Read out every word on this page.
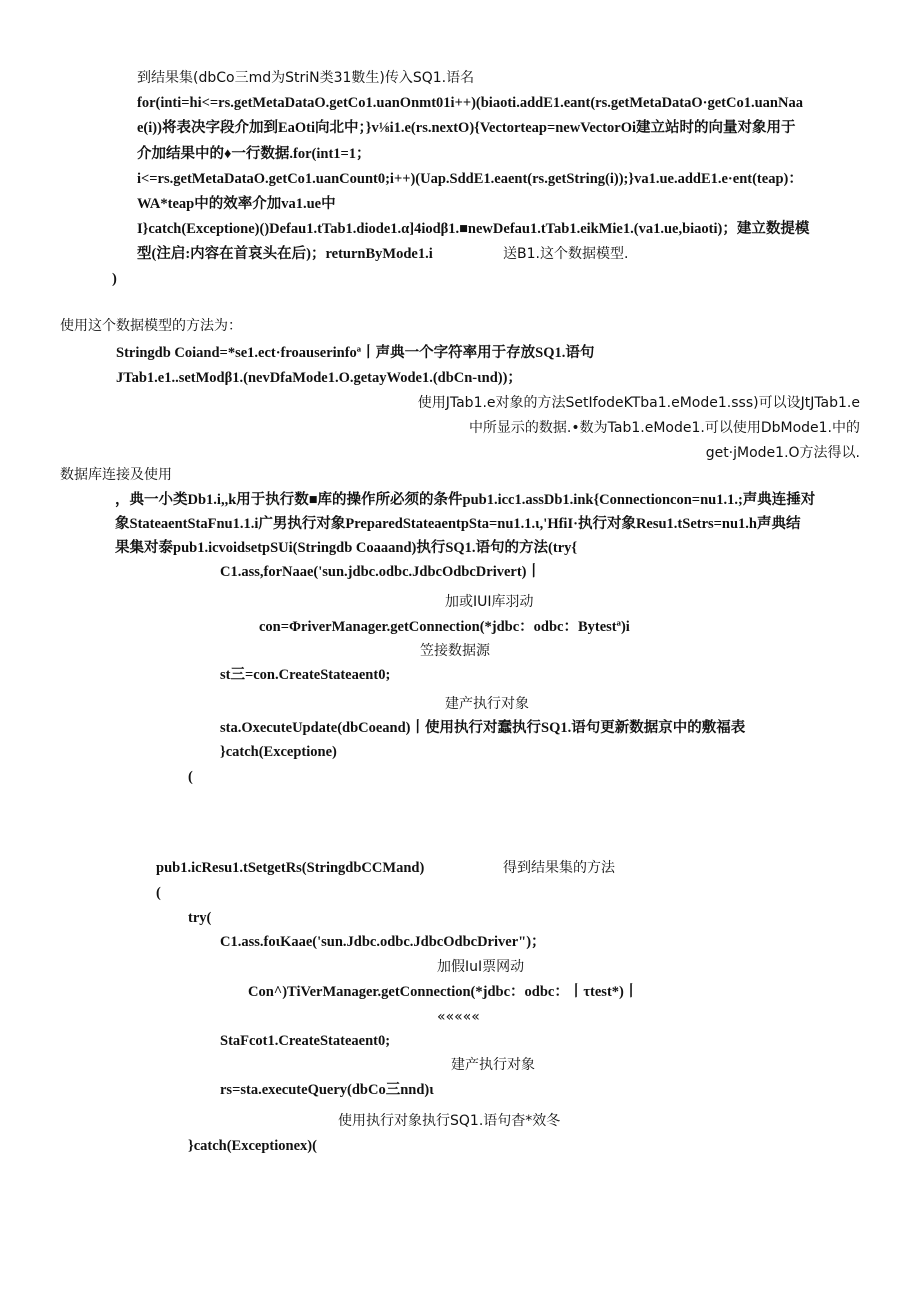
到结果集(dbCo三md为StriN类31數生)传入SQ1.语名
for(inti=hi<=rs.getMetaDataO.getCo1.uanOnmt01i++)(biaoti.addE1.eant(rs.getMetaDataO·getCo1.uanNaa
e(i))将表决字段介加到EaOti向北中；}v⅛i1.e(rs.nextO){Vectorteap=newVectorOi建立站时的向量对象用于
介加结果中的♦一行数据.for(int1=1；
i<=rs.getMetaDataO.getCo1.uanCount0;i++)(Uap.SddE1.eaent(rs.getString(i));}va1.ue.addE1.e·ent(teap)：
WA*teap中的效率介加va1.ue中
I}catch(Exceptione)()Defau1.tTab1.diode1.α]4iodβ1.■newDefau1.tTab1.eikMie1.(va1.ue,biaoti)；建立数提模
型(注启:内容在首哀头在后)；returnByMode1.i	送B1.这个数据模型.
)
使用这个数据模型的方法为：
Stringdb Coiand=*se1.ect·froauserinfoª丨声典一个字符率用于存放SQ1.语句
JTab1.e1..setModβ1.(nevDfaMode1.O.getayWode1.(dbCn-ιnd))；
使用JTab1.e对象的方法SetIfodeKTba1.eMode1.sss)可以设JtJTab1.e
中所显示的数据.•数为Tab1.eMode1.可以使用DbMode1.中的
get·jMode1.O方法得以.
数据库连接及使用
，典一小类Db1.i,,k用于执行数■库的操作所必须的条件pub1.icc1.assDb1.ink{Connectioncon=nu1.1.;声典连捶对
象StateaentStaFnu1.1.i广男执行对象PreparedStateaentpSta=nu1.1.ι,'HfiI·执行对象Resu1.tSetrs=nu1.h声典结
果集对泰pub1.icvoidsetpSUi(Stringdb Coaaand)执行SQ1.语句的方法(try{
C1.ass,forNaae('sun.jdbc.odbc.JdbcOdbcDrivert)丨
加或IUI库羽动
con=ΦriverManager.getConnection(*jdbc：odbc：Bytestª)i
笠接数据源
st三=con.CreateStateaent0;
建产执行对象
sta.OxecuteUpdate(dbCoeand)丨使用执行对蠢执行SQ1.语句更新数据京中的敷福表
}catch(Exceptione)
(
pub1.icResu1.tSetgetRs(StringdbCCMand)	得到结果集的方法
(
try(
C1.ass.foιKaae('sun.Jdbc.odbc.JdbcOdbcDriver")；
加假IuI票网动
Con^)TiVerManager.getConnection(*jdbc：odbc：丨τtest*)丨
«««««
StaFcot1.CreateStateaent0;
建产执行对象
rs=sta.executeQuery(dbCo三nnd)ι
使用执行对象执行SQ1.语句杳*效冬
}catch(Exceptionex)(
